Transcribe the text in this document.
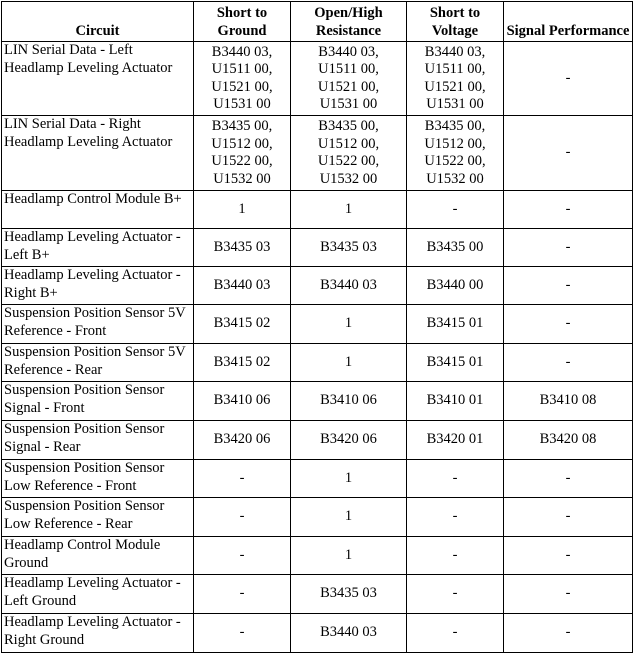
Circuit	Short to Ground	Open/High Resistance	Short to Voltage	Signal Performance
LIN Serial Data - Left Headlamp Leveling Actuator	B3440 03,
U1511 00,
U1521 00,
U1531 00	B3440 03,
U1511 00,
U1521 00,
U1531 00	B3440 03,
U1511 00,
U1521 00,
U1531 00	-

LIN Serial Data - Right Headlamp Leveling Actuator	B3435 00,
U1512 00,
U1522 00,
U1532 00	B3435 00,
U1512 00,
U1522 00,
U1532 00	B3435 00,
U1512 00,
U1522 00,
U1532 00	-

Headlamp Control Module B+	1	1	-	-

Headlamp Leveling Actuator - Left B+	B3435 03	B3435 03	B3435 00	-

Headlamp Leveling Actuator - Right B+	B3440 03	B3440 03	B3440 00	-

Suspension Position Sensor 5V Reference - Front	B3415 02	1	B3415 01	-

Suspension Position Sensor 5V Reference - Rear	B3415 02	1	B3415 01	-

Suspension Position Sensor Signal - Front	B3410 06	B3410 06	B3410 01	B3410 08

Suspension Position Sensor Signal - Rear	B3420 06	B3420 06	B3420 01	B3420 08

Suspension Position Sensor Low Reference - Front	-	1	-	-

Suspension Position Sensor Low Reference - Rear	-	1	-	-

Headlamp Control Module Ground	-	1	-	-

Headlamp Leveling Actuator - Left Ground	-	B3435 03	-	-

Headlamp Leveling Actuator - Right Ground	-	B3440 03	-	-
